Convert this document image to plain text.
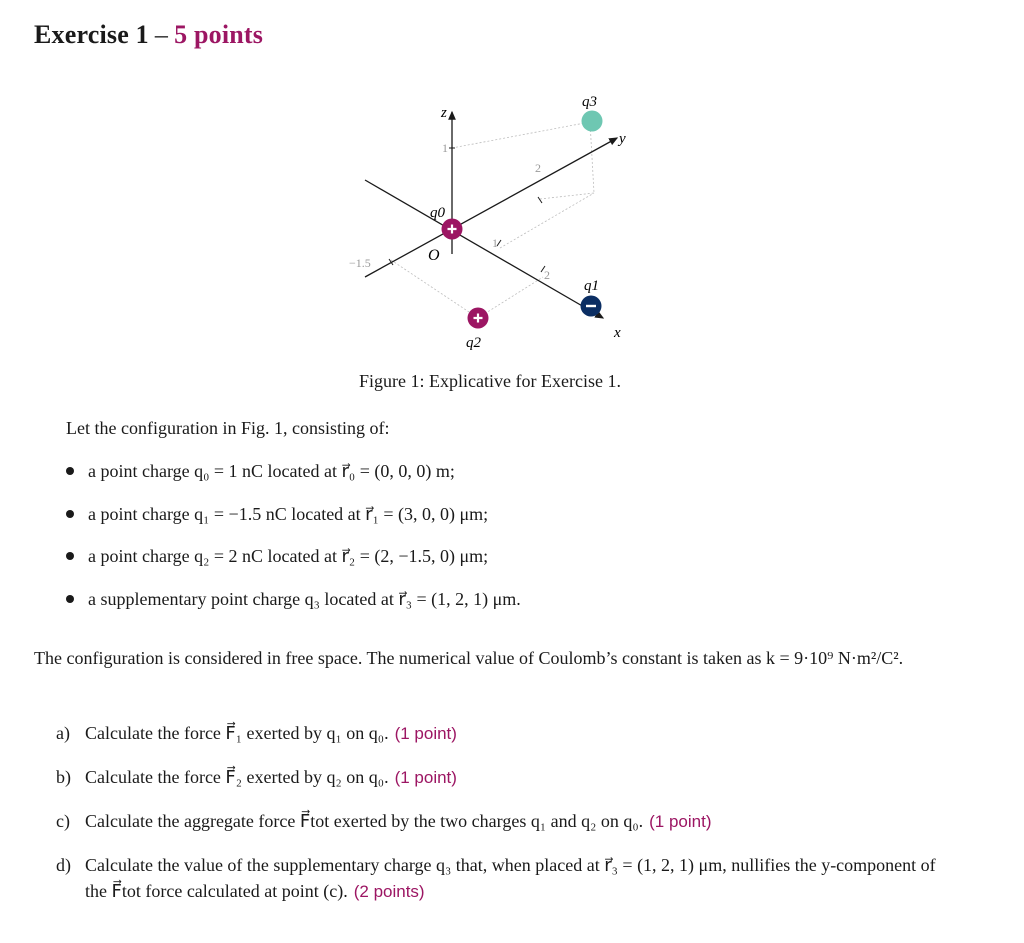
Exercise 1 – 5 points
1
2
1
2
−1.5
z
y
x
O
q0
q1
q2
q3
Figure 1: Explicative for Exercise 1.
Let the configuration in Fig. 1, consisting of:
a point charge q₀ = 1 nC located at r⃗₀ = (0, 0, 0) m;
a point charge q₁ = −1.5 nC located at r⃗₁ = (3, 0, 0) μm;
a point charge q₂ = 2 nC located at r⃗₂ = (2, −1.5, 0) μm;
a supplementary point charge q₃ located at r⃗₃ = (1, 2, 1) μm.
The configuration is considered in free space. The numerical value of Coulomb’s constant is taken as k = 9·10⁹ N·m²/C².
a) Calculate the force F⃗₁ exerted by q₁ on q₀. (1 point)
b) Calculate the force F⃗₂ exerted by q₂ on q₀. (1 point)
c) Calculate the aggregate force F⃗tot exerted by the two charges q₁ and q₂ on q₀. (1 point)
d) Calculate the value of the supplementary charge q₃ that, when placed at r⃗₃ = (1, 2, 1) μm, nullifies the y-component of the F⃗tot force calculated at point (c). (2 points)
